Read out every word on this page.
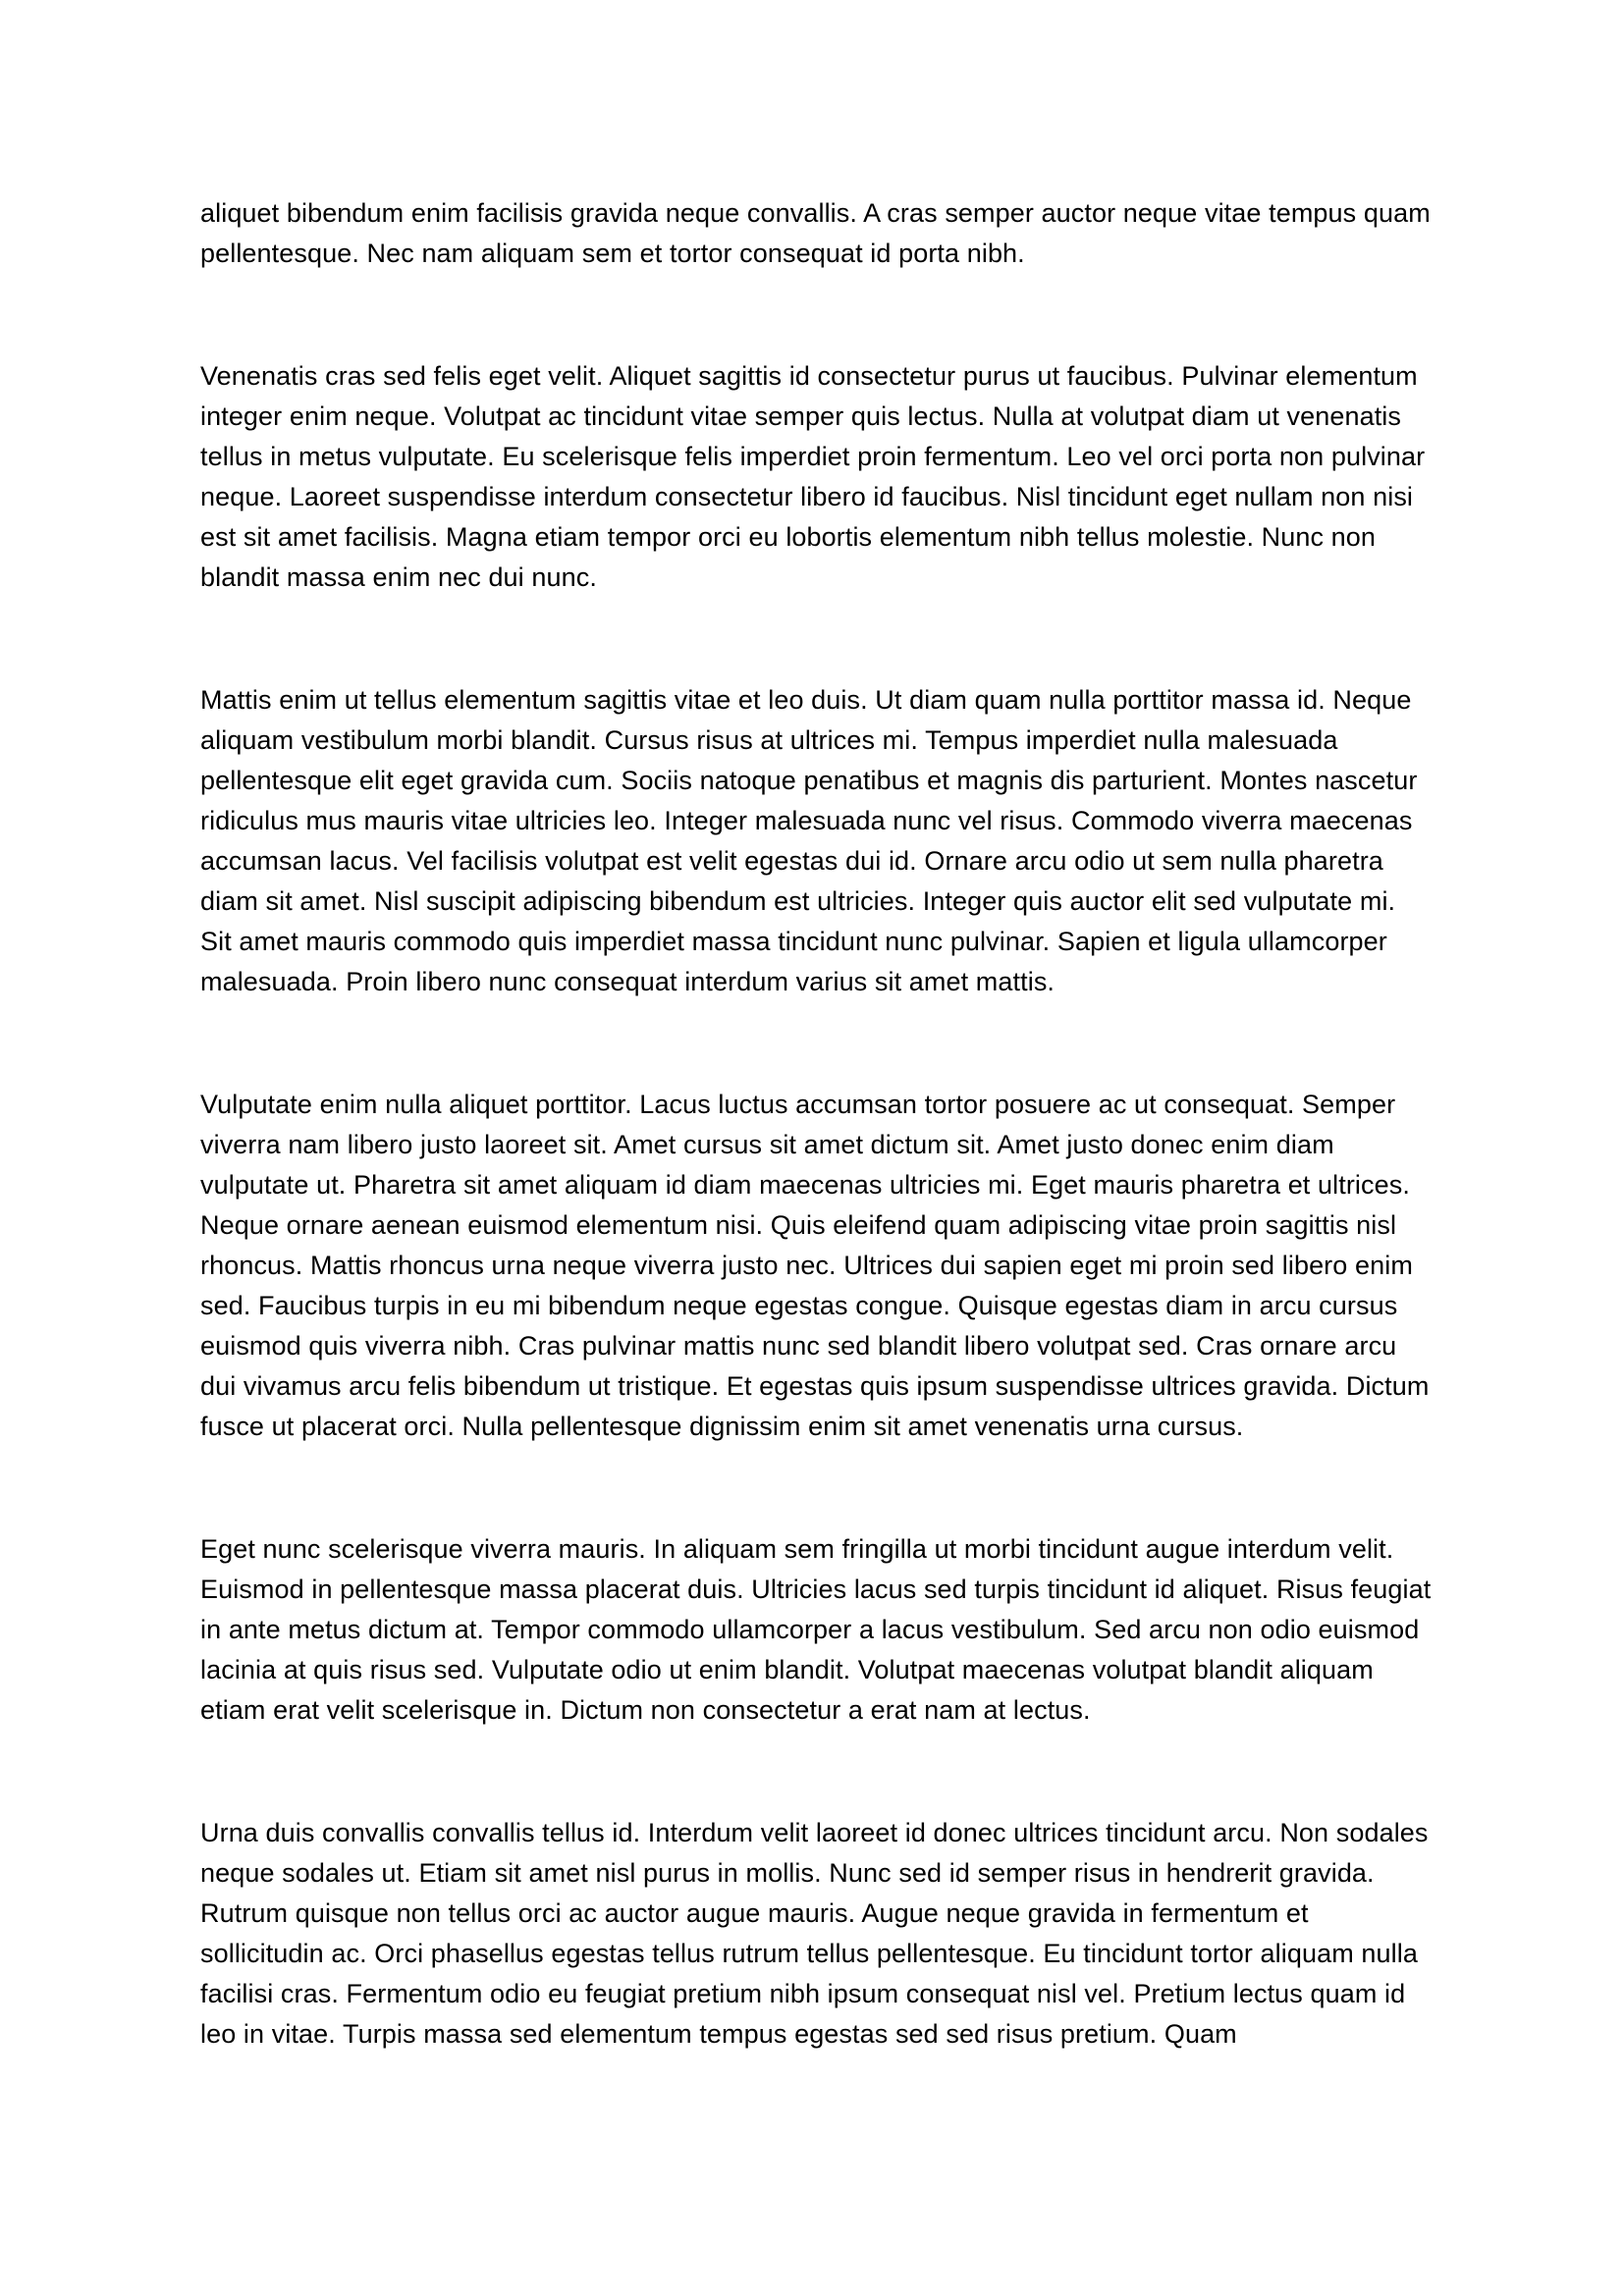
aliquet bibendum enim facilisis gravida neque convallis. A cras semper auctor neque vitae tempus quam pellentesque. Nec nam aliquam sem et tortor consequat id porta nibh.

Venenatis cras sed felis eget velit. Aliquet sagittis id consectetur purus ut faucibus. Pulvinar elementum integer enim neque. Volutpat ac tincidunt vitae semper quis lectus. Nulla at volutpat diam ut venenatis tellus in metus vulputate. Eu scelerisque felis imperdiet proin fermentum. Leo vel orci porta non pulvinar neque. Laoreet suspendisse interdum consectetur libero id faucibus. Nisl tincidunt eget nullam non nisi est sit amet facilisis. Magna etiam tempor orci eu lobortis elementum nibh tellus molestie. Nunc non blandit massa enim nec dui nunc.

Mattis enim ut tellus elementum sagittis vitae et leo duis. Ut diam quam nulla porttitor massa id. Neque aliquam vestibulum morbi blandit. Cursus risus at ultrices mi. Tempus imperdiet nulla malesuada pellentesque elit eget gravida cum. Sociis natoque penatibus et magnis dis parturient. Montes nascetur ridiculus mus mauris vitae ultricies leo. Integer malesuada nunc vel risus. Commodo viverra maecenas accumsan lacus. Vel facilisis volutpat est velit egestas dui id. Ornare arcu odio ut sem nulla pharetra diam sit amet. Nisl suscipit adipiscing bibendum est ultricies. Integer quis auctor elit sed vulputate mi. Sit amet mauris commodo quis imperdiet massa tincidunt nunc pulvinar. Sapien et ligula ullamcorper malesuada. Proin libero nunc consequat interdum varius sit amet mattis.

Vulputate enim nulla aliquet porttitor. Lacus luctus accumsan tortor posuere ac ut consequat. Semper viverra nam libero justo laoreet sit. Amet cursus sit amet dictum sit. Amet justo donec enim diam vulputate ut. Pharetra sit amet aliquam id diam maecenas ultricies mi. Eget mauris pharetra et ultrices. Neque ornare aenean euismod elementum nisi. Quis eleifend quam adipiscing vitae proin sagittis nisl rhoncus. Mattis rhoncus urna neque viverra justo nec. Ultrices dui sapien eget mi proin sed libero enim sed. Faucibus turpis in eu mi bibendum neque egestas congue. Quisque egestas diam in arcu cursus euismod quis viverra nibh. Cras pulvinar mattis nunc sed blandit libero volutpat sed. Cras ornare arcu dui vivamus arcu felis bibendum ut tristique. Et egestas quis ipsum suspendisse ultrices gravida. Dictum fusce ut placerat orci. Nulla pellentesque dignissim enim sit amet venenatis urna cursus.

Eget nunc scelerisque viverra mauris. In aliquam sem fringilla ut morbi tincidunt augue interdum velit. Euismod in pellentesque massa placerat duis. Ultricies lacus sed turpis tincidunt id aliquet. Risus feugiat in ante metus dictum at. Tempor commodo ullamcorper a lacus vestibulum. Sed arcu non odio euismod lacinia at quis risus sed. Vulputate odio ut enim blandit. Volutpat maecenas volutpat blandit aliquam etiam erat velit scelerisque in. Dictum non consectetur a erat nam at lectus.

Urna duis convallis convallis tellus id. Interdum velit laoreet id donec ultrices tincidunt arcu. Non sodales neque sodales ut. Etiam sit amet nisl purus in mollis. Nunc sed id semper risus in hendrerit gravida. Rutrum quisque non tellus orci ac auctor augue mauris. Augue neque gravida in fermentum et sollicitudin ac. Orci phasellus egestas tellus rutrum tellus pellentesque. Eu tincidunt tortor aliquam nulla facilisi cras. Fermentum odio eu feugiat pretium nibh ipsum consequat nisl vel. Pretium lectus quam id leo in vitae. Turpis massa sed elementum tempus egestas sed sed risus pretium. Quam
